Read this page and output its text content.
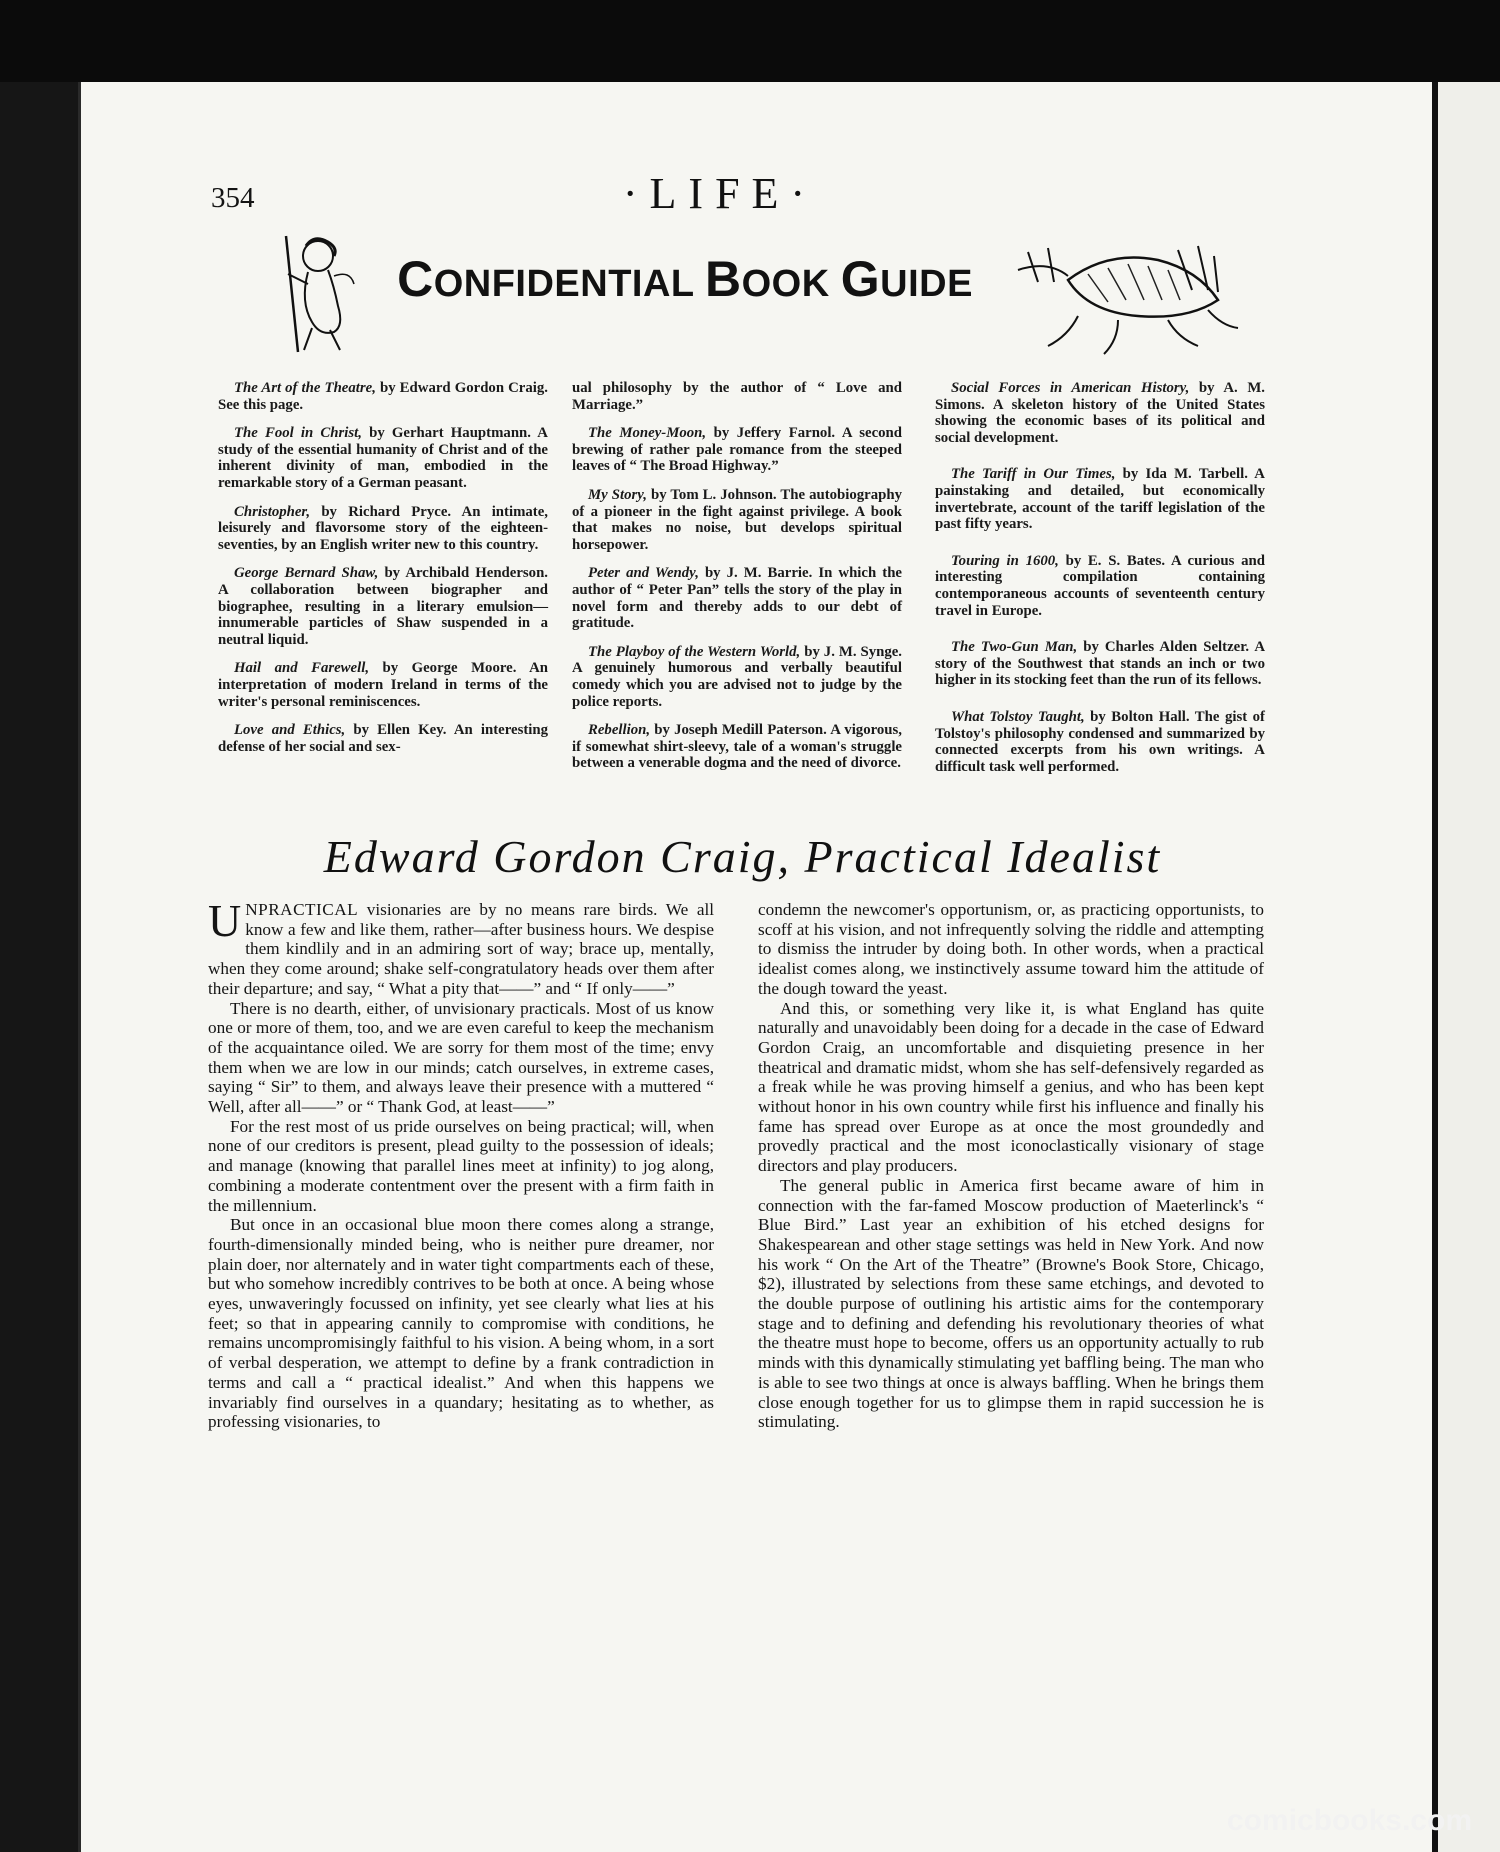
354	·LIFE·
CONFIDENTIAL BOOK GUIDE

The Art of the Theatre, by Edward Gordon Craig. See this page.

The Fool in Christ, by Gerhart Hauptmann. A study of the essential humanity of Christ and of the inherent divinity of man, embodied in the remarkable story of a German peasant.

Christopher, by Richard Pryce. An intimate, leisurely and flavorsome story of the eighteen-seventies, by an English writer new to this country.

George Bernard Shaw, by Archibald Henderson. A collaboration between biographer and biographee, resulting in a literary emulsion—innumerable particles of Shaw suspended in a neutral liquid.

Hail and Farewell, by George Moore. An interpretation of modern Ireland in terms of the writer's personal reminiscences.

Love and Ethics, by Ellen Key. An interesting defense of her social and sex-

ual philosophy by the author of “ Love and Marriage.”

The Money-Moon, by Jeffery Farnol. A second brewing of rather pale romance from the steeped leaves of “ The Broad Highway.”

My Story, by Tom L. Johnson. The autobiography of a pioneer in the fight against privilege. A book that makes no noise, but develops spiritual horsepower.

Peter and Wendy, by J. M. Barrie. In which the author of “ Peter Pan” tells the story of the play in novel form and thereby adds to our debt of gratitude.

The Playboy of the Western World, by J. M. Synge. A genuinely humorous and verbally beautiful comedy which you are advised not to judge by the police reports.

Rebellion, by Joseph Medill Paterson. A vigorous, if somewhat shirt-sleevy, tale of a woman's struggle between a venerable dogma and the need of divorce.

Social Forces in American History, by A. M. Simons. A skeleton history of the United States showing the economic bases of its political and social development.

The Tariff in Our Times, by Ida M. Tarbell. A painstaking and detailed, but economically invertebrate, account of the tariff legislation of the past fifty years.

Touring in 1600, by E. S. Bates. A curious and interesting compilation containing contemporaneous accounts of seventeenth century travel in Europe.

The Two-Gun Man, by Charles Alden Seltzer. A story of the Southwest that stands an inch or two higher in its stocking feet than the run of its fellows.

What Tolstoy Taught, by Bolton Hall. The gist of Tolstoy's philosophy condensed and summarized by connected excerpts from his own writings. A difficult task well performed.

Edward Gordon Craig, Practical Idealist

UNPRACTICAL visionaries are by no means rare birds. We all know a few and like them, rather—after business hours. We despise them kindlily and in an admiring sort of way; brace up, mentally, when they come around; shake self-congratulatory heads over them after their departure; and say, “ What a pity that——” and “ If only——”

There is no dearth, either, of unvisionary practicals. Most of us know one or more of them, too, and we are even careful to keep the mechanism of the acquaintance oiled. We are sorry for them most of the time; envy them when we are low in our minds; catch ourselves, in extreme cases, saying “ Sir” to them, and always leave their presence with a muttered “ Well, after all——” or “ Thank God, at least——”

For the rest most of us pride ourselves on being practical; will, when none of our creditors is present, plead guilty to the possession of ideals; and manage (knowing that parallel lines meet at infinity) to jog along, combining a moderate contentment over the present with a firm faith in the millennium.

But once in an occasional blue moon there comes along a strange, fourth-dimensionally minded being, who is neither pure dreamer, nor plain doer, nor alternately and in water tight compartments each of these, but who somehow incredibly contrives to be both at once. A being whose eyes, unwaveringly focussed on infinity, yet see clearly what lies at his feet; so that in appearing cannily to compromise with conditions, he remains uncompromisingly faithful to his vision. A being whom, in a sort of verbal desperation, we attempt to define by a frank contradiction in terms and call a “ practical idealist.” And when this happens we invariably find ourselves in a quandary; hesitating as to whether, as professing visionaries, to

condemn the newcomer's opportunism, or, as practicing opportunists, to scoff at his vision, and not infrequently solving the riddle and attempting to dismiss the intruder by doing both. In other words, when a practical idealist comes along, we instinctively assume toward him the attitude of the dough toward the yeast.

And this, or something very like it, is what England has quite naturally and unavoidably been doing for a decade in the case of Edward Gordon Craig, an uncomfortable and disquieting presence in her theatrical and dramatic midst, whom she has self-defensively regarded as a freak while he was proving himself a genius, and who has been kept without honor in his own country while first his influence and finally his fame has spread over Europe as at once the most groundedly and provedly practical and the most iconoclastically visionary of stage directors and play producers.

The general public in America first became aware of him in connection with the far-famed Moscow production of Maeterlinck's “ Blue Bird.” Last year an exhibition of his etched designs for Shakespearean and other stage settings was held in New York. And now his work “ On the Art of the Theatre” (Browne's Book Store, Chicago, $2), illustrated by selections from these same etchings, and devoted to the double purpose of outlining his artistic aims for the contemporary stage and to defining and defending his revolutionary theories of what the theatre must hope to become, offers us an opportunity actually to rub minds with this dynamically stimulating yet baffling being. The man who is able to see two things at once is always baffling. When he brings them close enough together for us to glimpse them in rapid succession he is stimulating.

comicbooks.com
